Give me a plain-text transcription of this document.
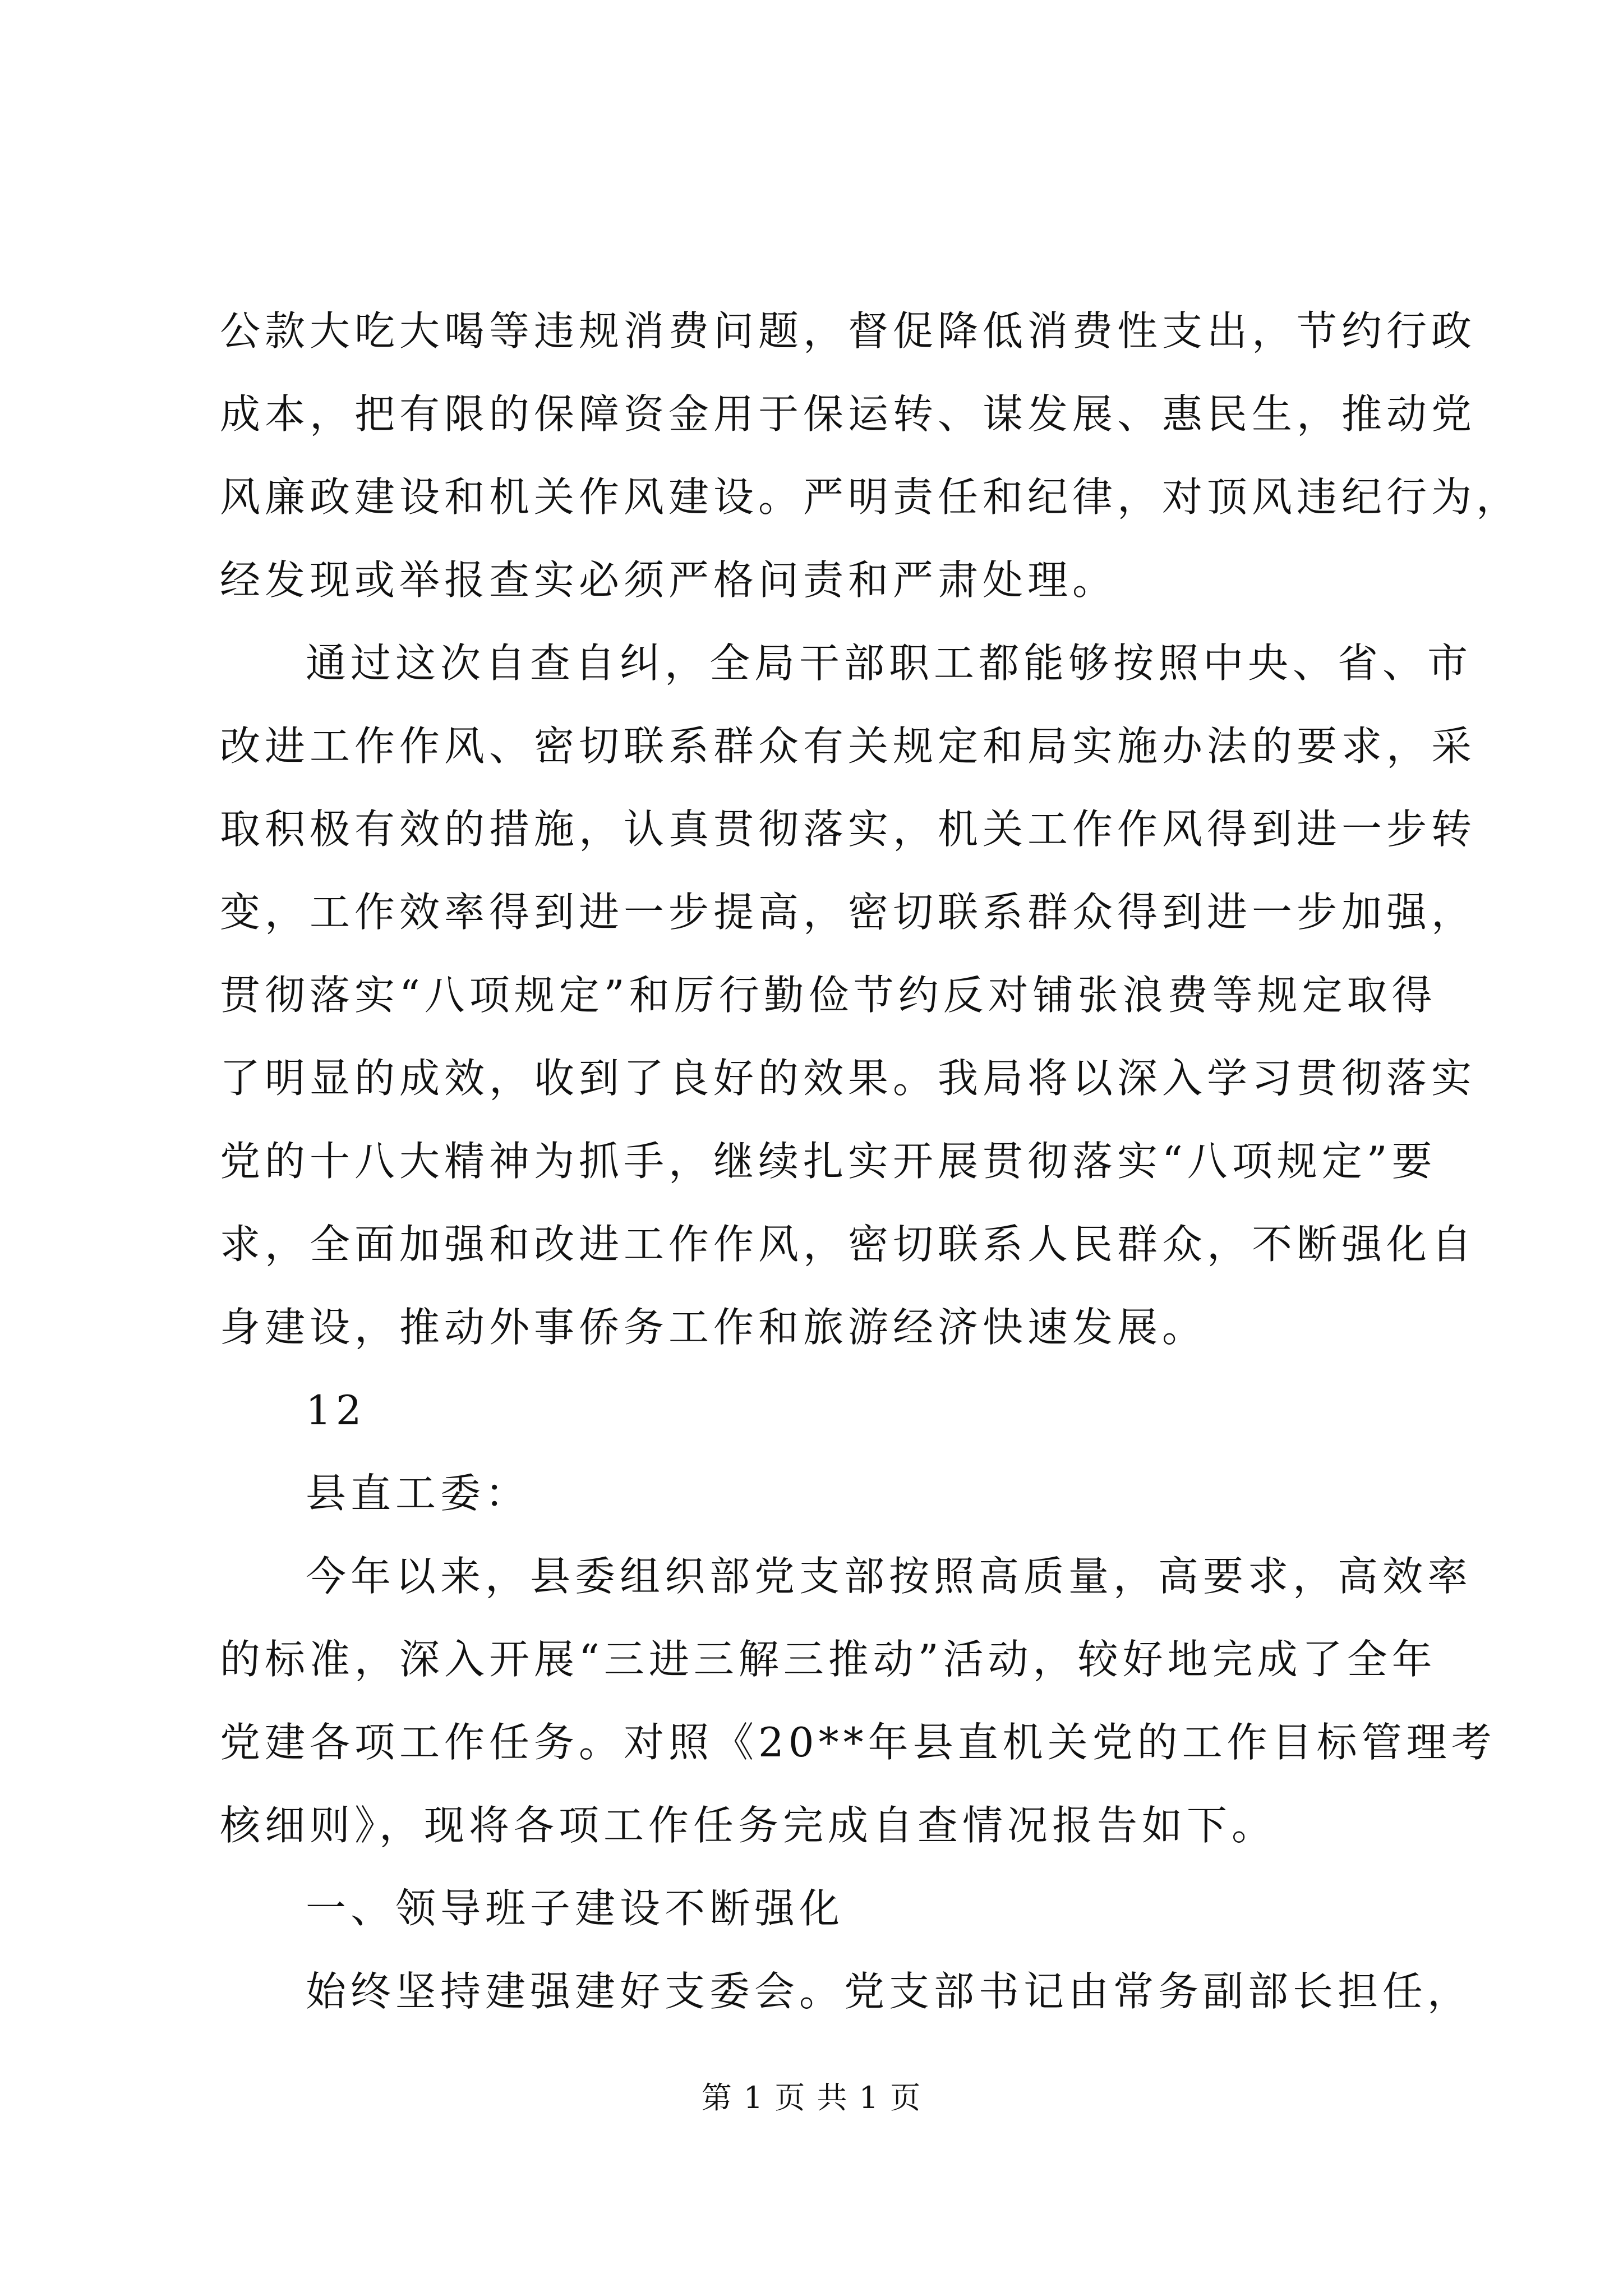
公款大吃大喝等违规消费问题，督促降低消费性支出，节约行政
成本，把有限的保障资金用于保运转、谋发展、惠民生，推动党
风廉政建设和机关作风建设。严明责任和纪律，对顶风违纪行为，
经发现或举报查实必须严格问责和严肃处理。
通过这次自查自纠，全局干部职工都能够按照中央、省、市
改进工作作风、密切联系群众有关规定和局实施办法的要求，采
取积极有效的措施，认真贯彻落实，机关工作作风得到进一步转
变，工作效率得到进一步提高，密切联系群众得到进一步加强，
贯彻落实“八项规定”和厉行勤俭节约反对铺张浪费等规定取得
了明显的成效，收到了良好的效果。我局将以深入学习贯彻落实
党的十八大精神为抓手，继续扎实开展贯彻落实“八项规定”要
求，全面加强和改进工作作风，密切联系人民群众，不断强化自
身建设，推动外事侨务工作和旅游经济快速发展。
12
县直工委：
今年以来，县委组织部党支部按照高质量，高要求，高效率
的标准，深入开展“三进三解三推动”活动，较好地完成了全年
党建各项工作任务。对照《20**年县直机关党的工作目标管理考
核细则》，现将各项工作任务完成自查情况报告如下。
一、领导班子建设不断强化
始终坚持建强建好支委会。党支部书记由常务副部长担任，
第 1 页 共 1 页
